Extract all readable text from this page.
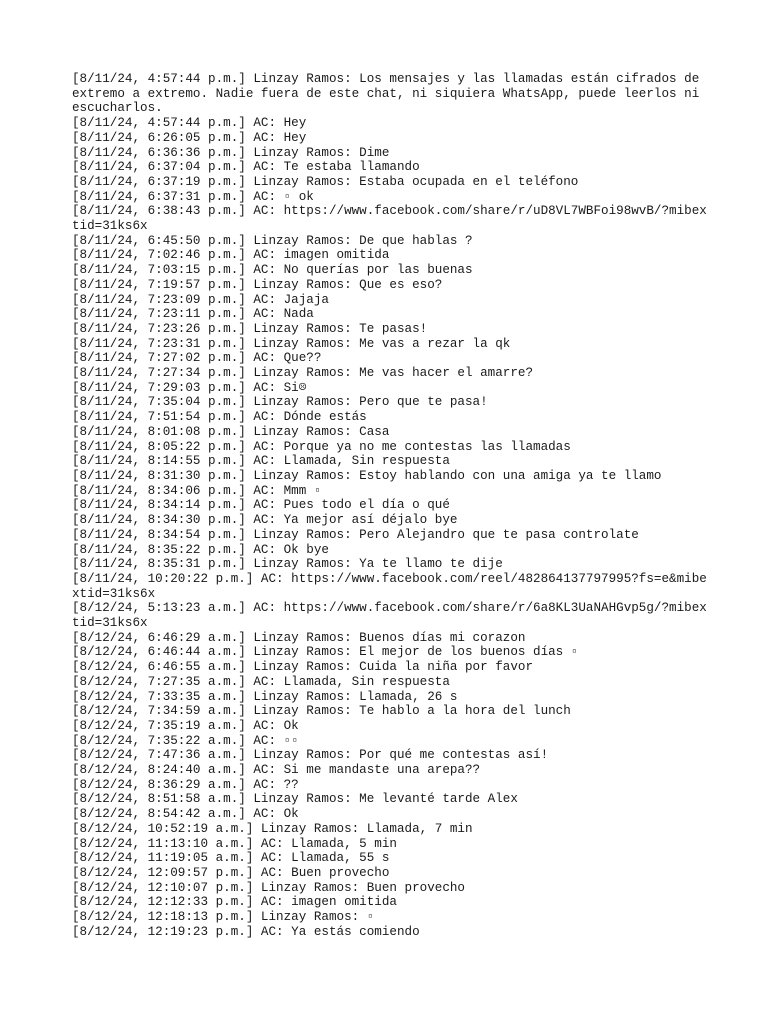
[8/11/24, 4:57:44 p.m.] Linzay Ramos: Los mensajes y las llamadas están cifrados de extremo a extremo. Nadie fuera de este chat, ni siquiera WhatsApp, puede leerlos ni escucharlos.
[8/11/24, 4:57:44 p.m.] AC: Hey
[8/11/24, 6:26:05 p.m.] AC: Hey
[8/11/24, 6:36:36 p.m.] Linzay Ramos: Dime
[8/11/24, 6:37:04 p.m.] AC: Te estaba llamando
[8/11/24, 6:37:19 p.m.] Linzay Ramos: Estaba ocupada en el teléfono
[8/11/24, 6:37:31 p.m.] AC: ▫ ok
[8/11/24, 6:38:43 p.m.] AC: https://www.facebook.com/share/r/uD8VL7WBFoi98wvB/?mibextid=31ks6x
[8/11/24, 6:45:50 p.m.] Linzay Ramos: De que hablas ?
[8/11/24, 7:02:46 p.m.] AC: imagen omitida
[8/11/24, 7:03:15 p.m.] AC: No querías por las buenas
[8/11/24, 7:19:57 p.m.] Linzay Ramos: Que es eso?
[8/11/24, 7:23:09 p.m.] AC: Jajaja
[8/11/24, 7:23:11 p.m.] AC: Nada
[8/11/24, 7:23:26 p.m.] Linzay Ramos: Te pasas!
[8/11/24, 7:23:31 p.m.] Linzay Ramos: Me vas a rezar la qk
[8/11/24, 7:27:02 p.m.] AC: Que??
[8/11/24, 7:27:34 p.m.] Linzay Ramos: Me vas hacer el amarre?
[8/11/24, 7:29:03 p.m.] AC: Si☹
[8/11/24, 7:35:04 p.m.] Linzay Ramos: Pero que te pasa!
[8/11/24, 7:51:54 p.m.] AC: Dónde estás
[8/11/24, 8:01:08 p.m.] Linzay Ramos: Casa
[8/11/24, 8:05:22 p.m.] AC: Porque ya no me contestas las llamadas
[8/11/24, 8:14:55 p.m.] AC: Llamada, Sin respuesta
[8/11/24, 8:31:30 p.m.] Linzay Ramos: Estoy hablando con una amiga ya te llamo
[8/11/24, 8:34:06 p.m.] AC: Mmm ▫
[8/11/24, 8:34:14 p.m.] AC: Pues todo el día o qué
[8/11/24, 8:34:30 p.m.] AC: Ya mejor así déjalo bye
[8/11/24, 8:34:54 p.m.] Linzay Ramos: Pero Alejandro que te pasa controlate
[8/11/24, 8:35:22 p.m.] AC: Ok bye
[8/11/24, 8:35:31 p.m.] Linzay Ramos: Ya te llamo te dije
[8/11/24, 10:20:22 p.m.] AC: https://www.facebook.com/reel/482864137797995?fs=e&mibextid=31ks6x
[8/12/24, 5:13:23 a.m.] AC: https://www.facebook.com/share/r/6a8KL3UaNAHGvp5g/?mibextid=31ks6x
[8/12/24, 6:46:29 a.m.] Linzay Ramos: Buenos días mi corazon
[8/12/24, 6:46:44 a.m.] Linzay Ramos: El mejor de los buenos días ▫
[8/12/24, 6:46:55 a.m.] Linzay Ramos: Cuida la niña por favor
[8/12/24, 7:27:35 a.m.] AC: Llamada, Sin respuesta
[8/12/24, 7:33:35 a.m.] Linzay Ramos: Llamada, 26 s
[8/12/24, 7:34:59 a.m.] Linzay Ramos: Te hablo a la hora del lunch
[8/12/24, 7:35:19 a.m.] AC: Ok
[8/12/24, 7:35:22 a.m.] AC: ▫▫
[8/12/24, 7:47:36 a.m.] Linzay Ramos: Por qué me contestas así!
[8/12/24, 8:24:40 a.m.] AC: Si me mandaste una arepa??
[8/12/24, 8:36:29 a.m.] AC: ??
[8/12/24, 8:51:58 a.m.] Linzay Ramos: Me levanté tarde Alex
[8/12/24, 8:54:42 a.m.] AC: Ok
[8/12/24, 10:52:19 a.m.] Linzay Ramos: Llamada, 7 min
[8/12/24, 11:13:10 a.m.] AC: Llamada, 5 min
[8/12/24, 11:19:05 a.m.] AC: Llamada, 55 s
[8/12/24, 12:09:57 p.m.] AC: Buen provecho
[8/12/24, 12:10:07 p.m.] Linzay Ramos: Buen provecho
[8/12/24, 12:12:33 p.m.] AC: imagen omitida
[8/12/24, 12:18:13 p.m.] Linzay Ramos: ▫
[8/12/24, 12:19:23 p.m.] AC: Ya estás comiendo
